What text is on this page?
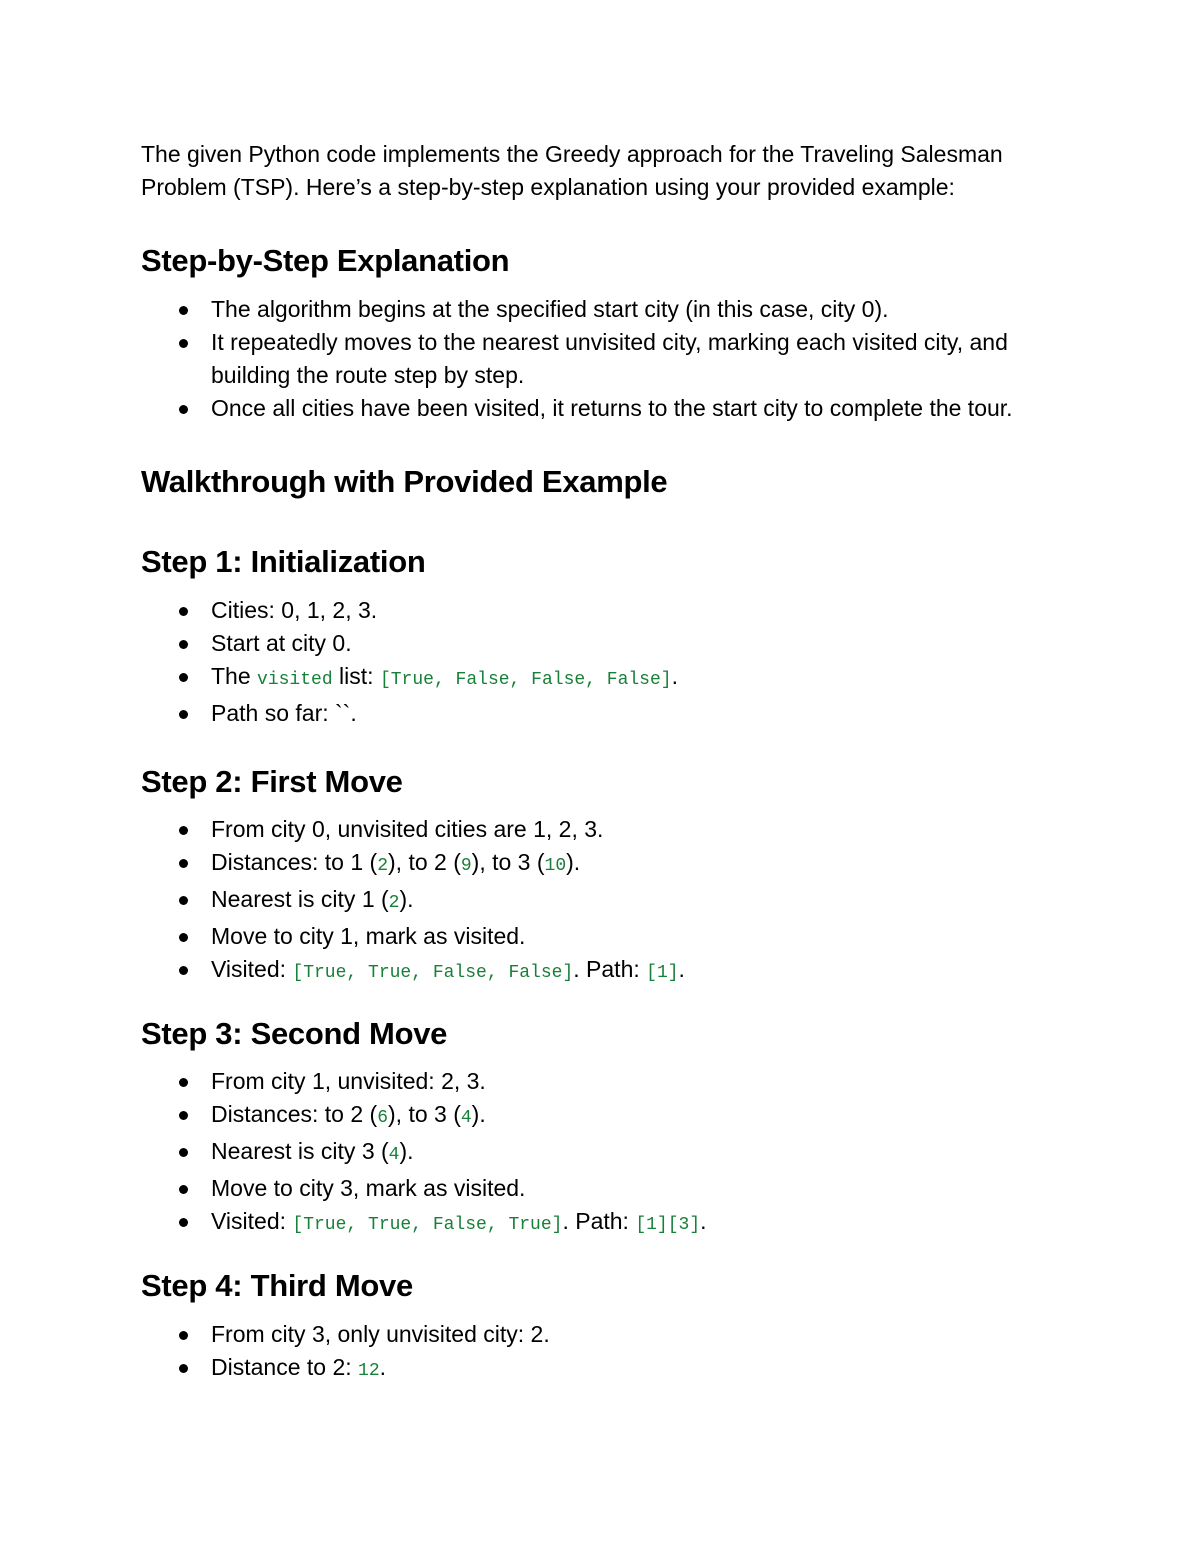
The given Python code implements the Greedy approach for the Traveling Salesman Problem (TSP). Here’s a step-by-step explanation using your provided example:

Step-by-Step Explanation
The algorithm begins at the specified start city (in this case, city 0).
It repeatedly moves to the nearest unvisited city, marking each visited city, and building the route step by step.
Once all cities have been visited, it returns to the start city to complete the tour.
Walkthrough with Provided Example
Step 1: Initialization
Cities: 0, 1, 2, 3.
Start at city 0.
The visited list: [True, False, False, False].
Path so far: ``.
Step 2: First Move
From city 0, unvisited cities are 1, 2, 3.
Distances: to 1 (2), to 2 (9), to 3 (10).
Nearest is city 1 (2).
Move to city 1, mark as visited.
Visited: [True, True, False, False]. Path: [1].
Step 3: Second Move
From city 1, unvisited: 2, 3.
Distances: to 2 (6), to 3 (4).
Nearest is city 3 (4).
Move to city 3, mark as visited.
Visited: [True, True, False, True]. Path: [1][3].
Step 4: Third Move
From city 3, only unvisited city: 2.
Distance to 2: 12.
